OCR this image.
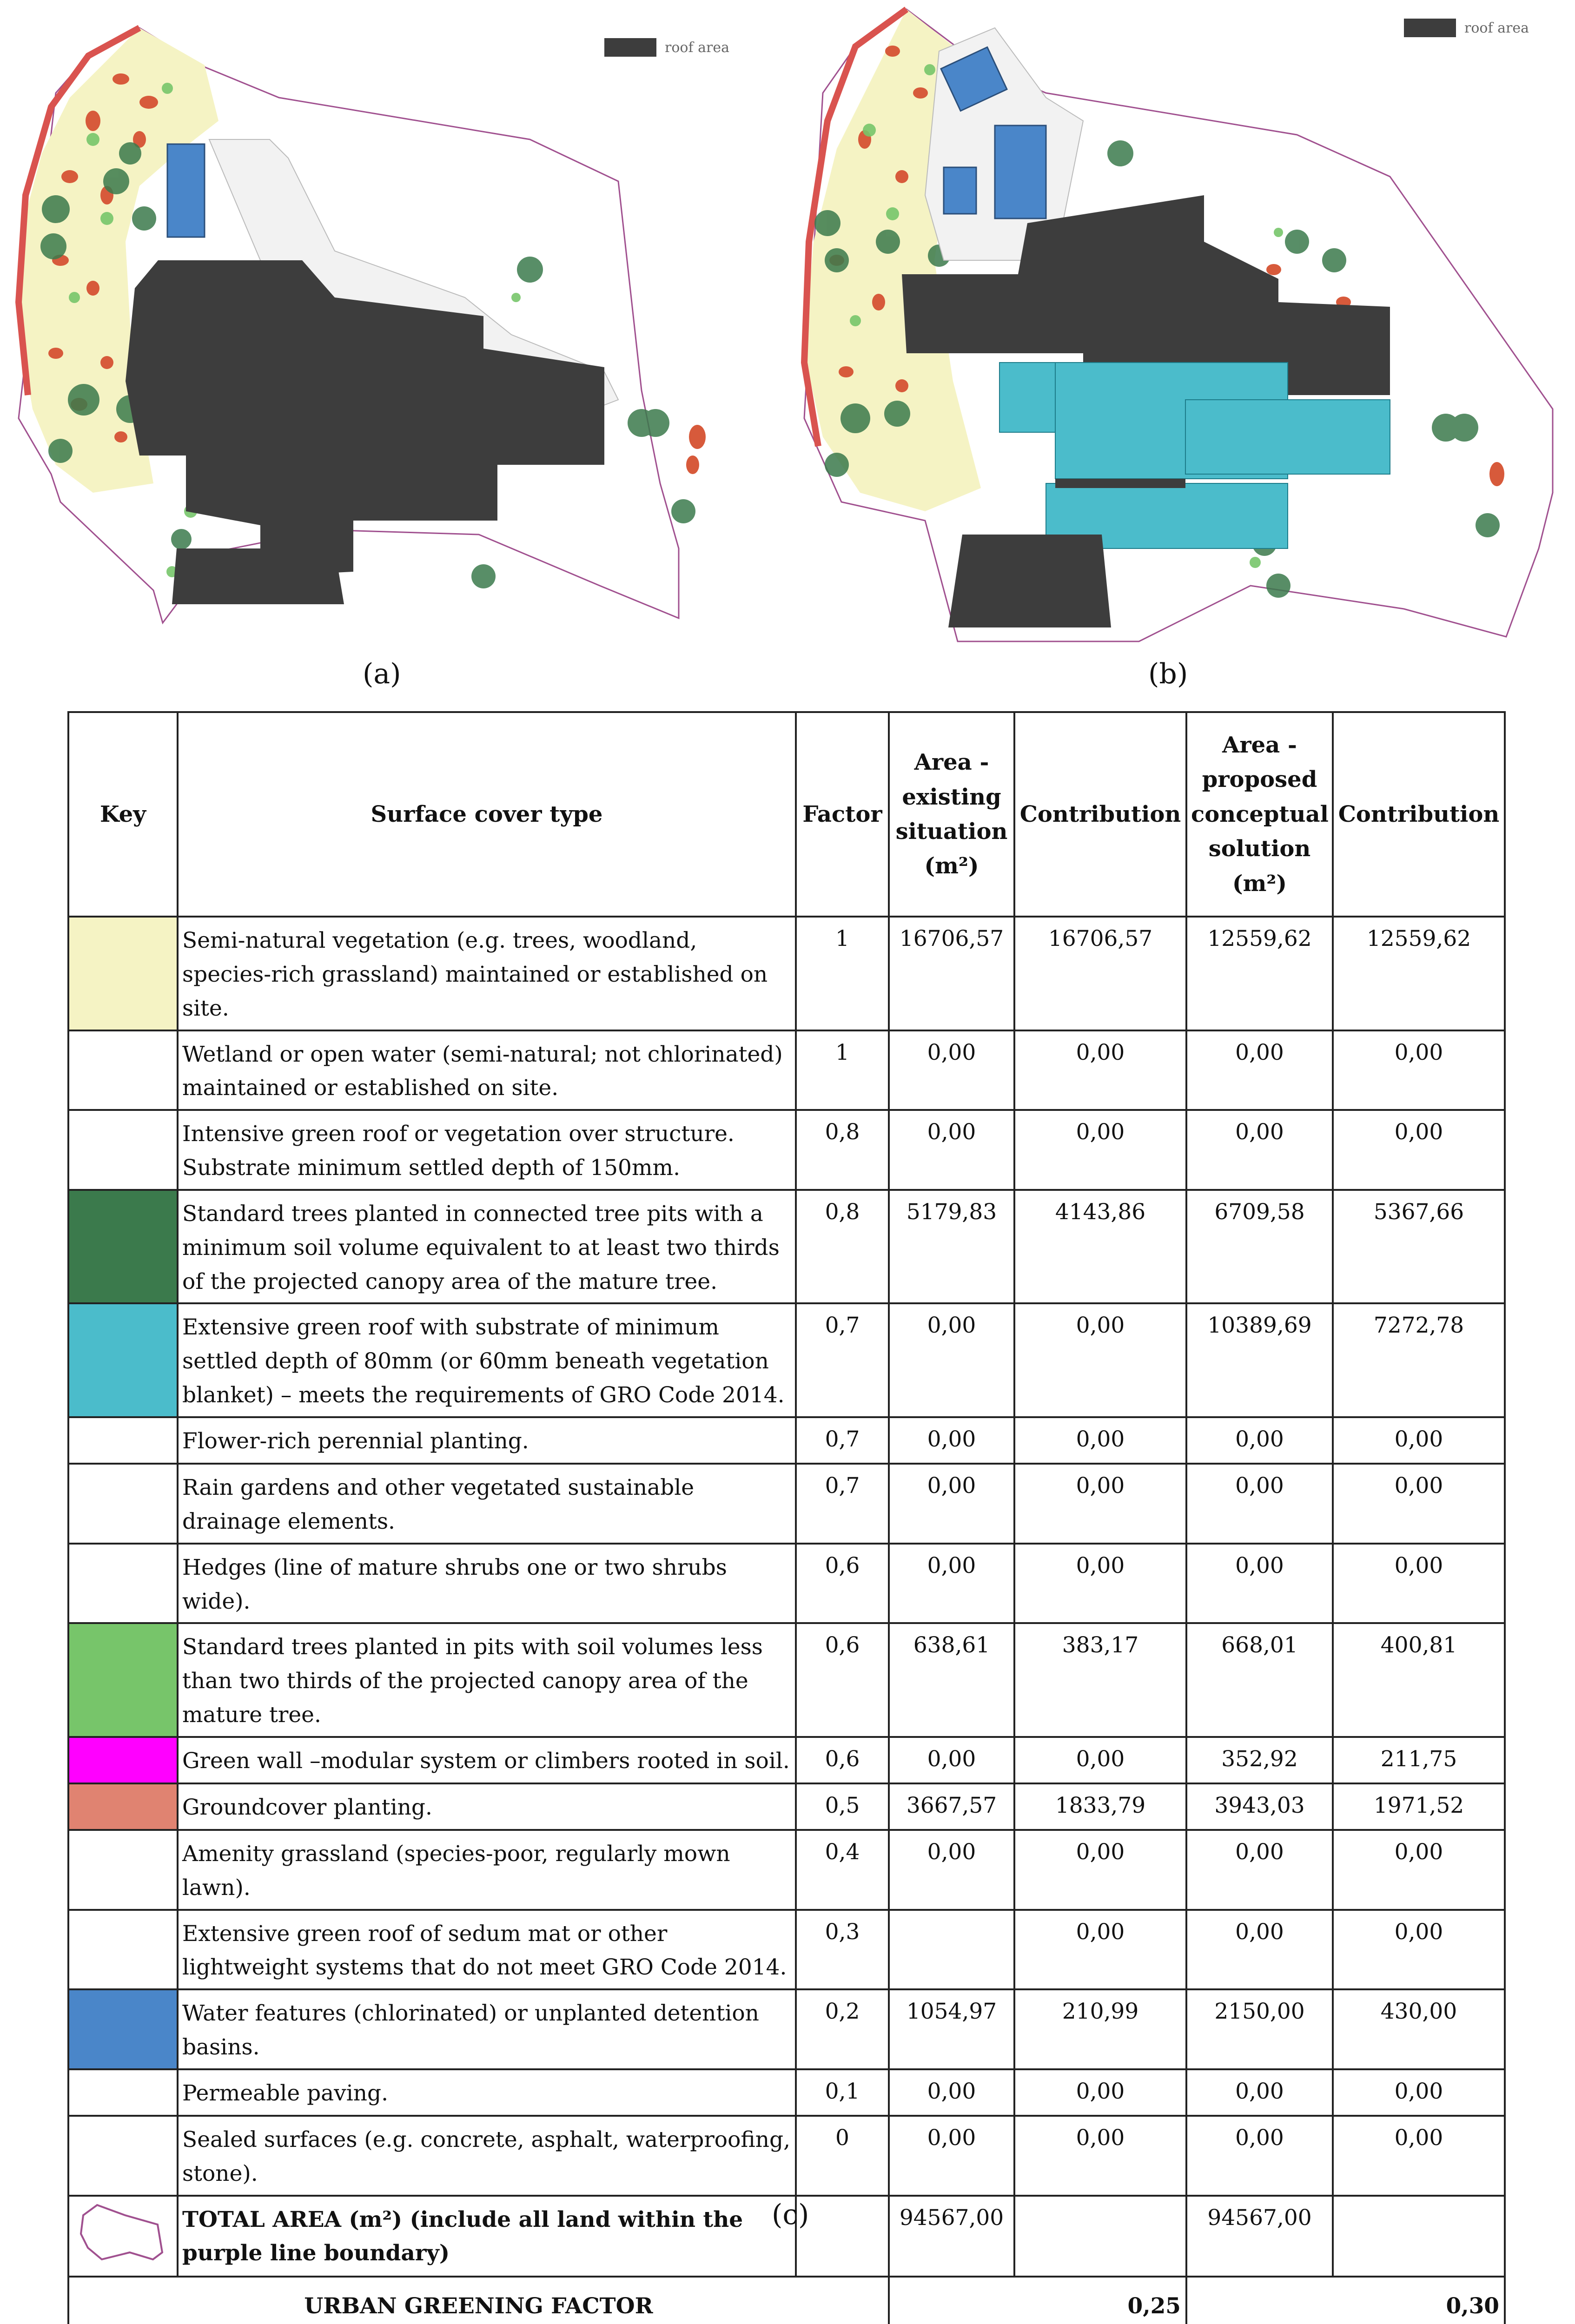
roof area
roof area
(a)	(b)
Key	Surface cover type	Factor	Area - existing situation (m²)	Contribution	Area - proposed conceptual solution (m²)	Contribution
	Semi-natural vegetation (e.g. trees, woodland, species-rich grassland) maintained or established on site.	1	16706,57	16706,57	12559,62	12559,62
	Wetland or open water (semi-natural; not chlorinated) maintained or established on site.	1	0,00	0,00	0,00	0,00
	Intensive green roof or vegetation over structure. Substrate minimum settled depth of 150mm.	0,8	0,00	0,00	0,00	0,00
	Standard trees planted in connected tree pits with a minimum soil volume equivalent to at least two thirds of the projected canopy area of the mature tree.	0,8	5179,83	4143,86	6709,58	5367,66
	Extensive green roof with substrate of minimum settled depth of 80mm (or 60mm beneath vegetation blanket) – meets the requirements of GRO Code 2014.	0,7	0,00	0,00	10389,69	7272,78
	Flower-rich perennial planting.	0,7	0,00	0,00	0,00	0,00
	Rain gardens and other vegetated sustainable drainage elements.	0,7	0,00	0,00	0,00	0,00
	Hedges (line of mature shrubs one or two shrubs wide).	0,6	0,00	0,00	0,00	0,00
	Standard trees planted in pits with soil volumes less than two thirds of the projected canopy area of the mature tree.	0,6	638,61	383,17	668,01	400,81
	Green wall –modular system or climbers rooted in soil.	0,6	0,00	0,00	352,92	211,75
	Groundcover planting.	0,5	3667,57	1833,79	3943,03	1971,52
	Amenity grassland (species-poor, regularly mown lawn).	0,4	0,00	0,00	0,00	0,00
	Extensive green roof of sedum mat or other lightweight systems that do not meet GRO Code 2014.	0,3		0,00	0,00	0,00
	Water features (chlorinated) or unplanted detention basins.	0,2	1054,97	210,99	2150,00	430,00
	Permeable paving.	0,1	0,00	0,00	0,00	0,00
	Sealed surfaces (e.g. concrete, asphalt, waterproofing, stone).	0	0,00	0,00	0,00	0,00
	TOTAL AREA (m²) (include all land within the purple line boundary)		94567,00		94567,00	
URBAN GREENING FACTOR			0,25		0,30	
(c)
